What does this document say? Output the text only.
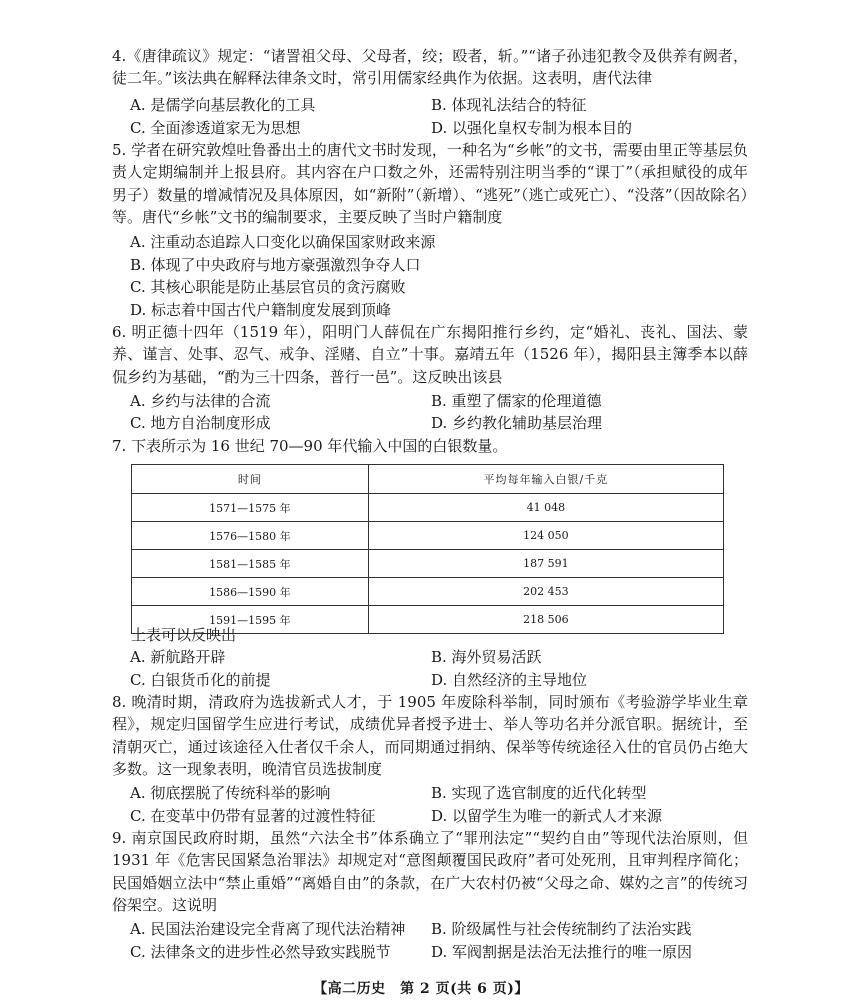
4.《唐律疏议》规定：“诸詈祖父母、父母者，绞；殴者，斩。”“诸子孙违犯教令及供养有阙者，徒二年。”该法典在解释法律条文时，常引用儒家经典作为依据。这表明，唐代法律

A. 是儒学向基层教化的工具	B. 体现礼法结合的特征
C. 全面渗透道家无为思想	D. 以强化皇权专制为根本目的

5. 学者在研究敦煌吐鲁番出土的唐代文书时发现，一种名为“乡帐”的文书，需要由里正等基层负责人定期编制并上报县府。其内容在户口数之外，还需特别注明当季的“课丁”（承担赋役的成年男子）数量的增减情况及具体原因，如“新附”（新增）、“逃死”（逃亡或死亡）、“没落”（因故除名）等。唐代“乡帐”文书的编制要求，主要反映了当时户籍制度

A. 注重动态追踪人口变化以确保国家财政来源
B. 体现了中央政府与地方豪强激烈争夺人口
C. 其核心职能是防止基层官员的贪污腐败
D. 标志着中国古代户籍制度发展到顶峰

6. 明正德十四年（1519 年），阳明门人薛侃在广东揭阳推行乡约，定“婚礼、丧礼、国法、蒙养、谨言、处事、忍气、戒争、淫赌、自立”十事。嘉靖五年（1526 年），揭阳县主簿季本以薛侃乡约为基础，“酌为三十四条，普行一邑”。这反映出该县

A. 乡约与法律的合流	B. 重塑了儒家的伦理道德
C. 地方自治制度形成	D. 乡约教化辅助基层治理

7. 下表所示为 16 世纪 70—90 年代输入中国的白银数量。

时间	平均每年输入白银/千克
1571—1575 年	41 048
1576—1580 年	124 050
1581—1585 年	187 591
1586—1590 年	202 453
1591—1595 年	218 506
上表可以反映出
A. 新航路开辟	B. 海外贸易活跃
C. 白银货币化的前提	D. 自然经济的主导地位

8. 晚清时期，清政府为选拔新式人才，于 1905 年废除科举制，同时颁布《考验游学毕业生章程》，规定归国留学生应进行考试，成绩优异者授予进士、举人等功名并分派官职。据统计，至清朝灭亡，通过该途径入仕者仅千余人，而同期通过捐纳、保举等传统途径入仕的官员仍占绝大多数。这一现象表明，晚清官员选拔制度

A. 彻底摆脱了传统科举的影响	B. 实现了选官制度的近代化转型
C. 在变革中仍带有显著的过渡性特征	D. 以留学生为唯一的新式人才来源

9. 南京国民政府时期，虽然“六法全书”体系确立了“罪刑法定”“契约自由”等现代法治原则，但 1931 年《危害民国紧急治罪法》却规定对“意图颠覆国民政府”者可处死刑，且审判程序简化；民国婚姻立法中“禁止重婚”“离婚自由”的条款，在广大农村仍被“父母之命、媒妁之言”的传统习俗架空。这说明

A. 民国法治建设完全背离了现代法治精神 B. 阶级属性与社会传统制约了法治实践
C. 法律条文的进步性必然导致实践脱节	D. 军阀割据是法治无法推行的唯一原因
【高二历史　第 2 页(共 6 页)】
